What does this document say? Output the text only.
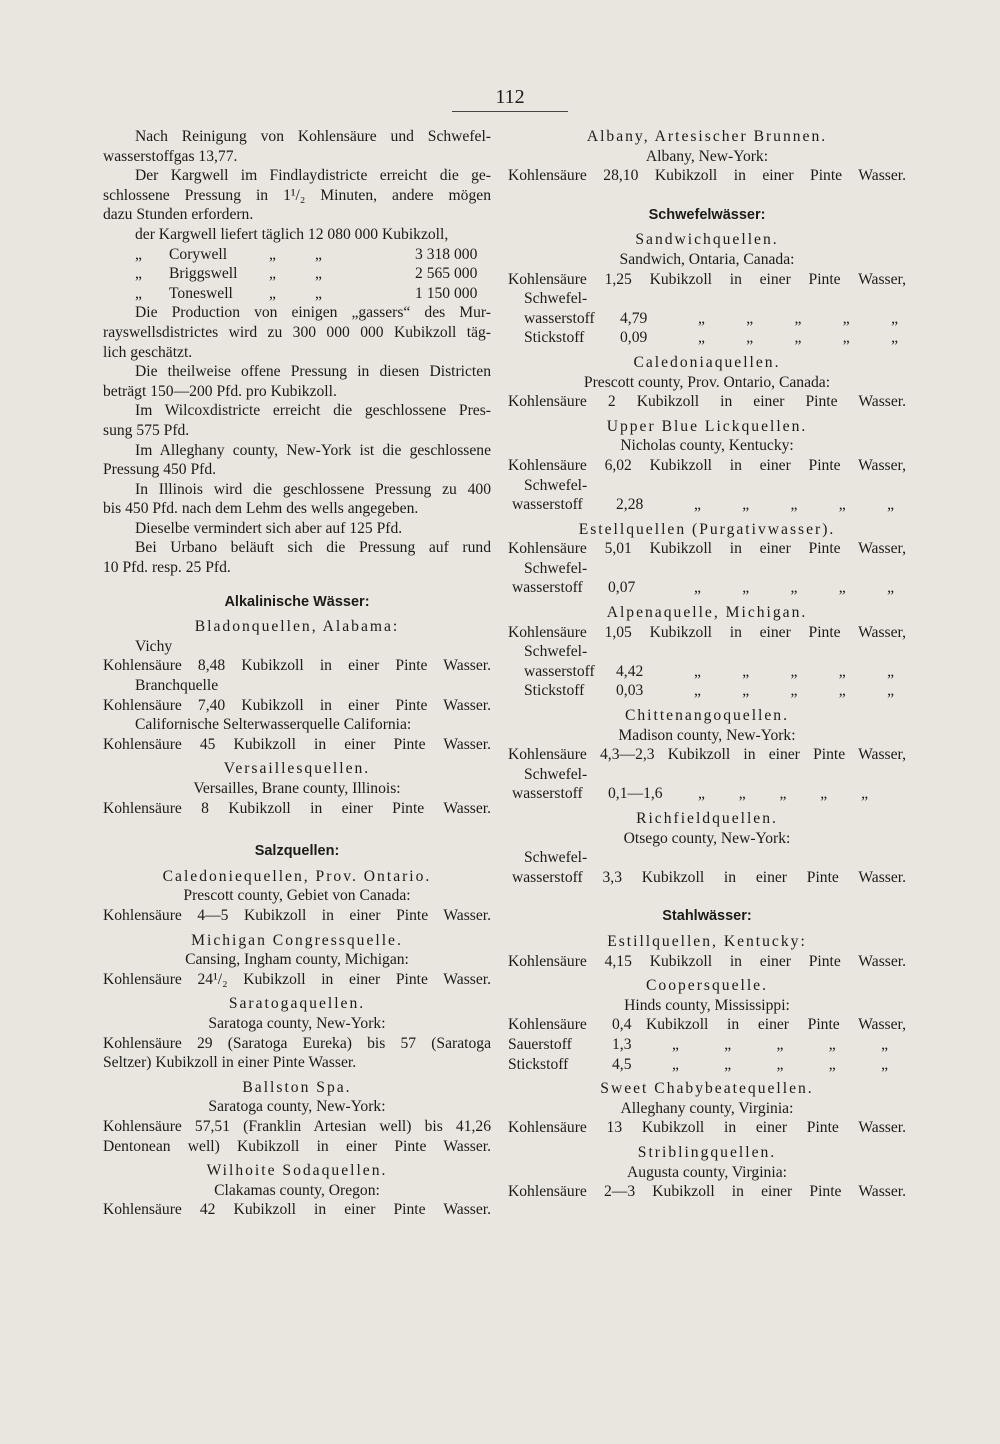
112
Nach Reinigung von Kohlensäure und Schwefel-
wasserstoffgas 13,77.
Der Kargwell im Findlaydistricte erreicht die ge-
schlossene Pressung in 1¹/₂ Minuten, andere mögen
dazu Stunden erfordern.
der Kargwell liefert täglich 12 080 000 Kubikzoll,
„	Corywell	„	„	3 318 000
„	Briggswell	„	„	2 565 000
„	Toneswell	„	„	1 150 000
Die Production von einigen „gassers“ des Mur-
rayswellsdistrictes wird zu 300 000 000 Kubikzoll täg-
lich geschätzt.
Die theilweise offene Pressung in diesen Districten
beträgt 150—200 Pfd. pro Kubikzoll.
Im Wilcoxdistricte erreicht die geschlossene Pres-
sung 575 Pfd.
Im Alleghany county, New-York ist die geschlossene
Pressung 450 Pfd.
In Illinois wird die geschlossene Pressung zu 400
bis 450 Pfd. nach dem Lehm des wells angegeben.
Dieselbe vermindert sich aber auf 125 Pfd.
Bei Urbano beläuft sich die Pressung auf rund
10 Pfd. resp. 25 Pfd.
Alkalinische Wässer:
Bladonquellen, Alabama:
Vichy
Kohlensäure 8,48 Kubikzoll in einer Pinte Wasser.
Branchquelle
Kohlensäure 7,40 Kubikzoll in einer Pinte Wasser.
Californische Selterwasserquelle California:
Kohlensäure 45 Kubikzoll in einer Pinte Wasser.
Versaillesquellen.
Versailles, Brane county, Illinois:
Kohlensäure 8 Kubikzoll in einer Pinte Wasser.
Salzquellen:
Caledoniequellen, Prov. Ontario.
Prescott county, Gebiet von Canada:
Kohlensäure 4—5 Kubikzoll in einer Pinte Wasser.
Michigan Congressquelle.
Cansing, Ingham county, Michigan:
Kohlensäure 24¹/₂ Kubikzoll in einer Pinte Wasser.
Saratogaquellen.
Saratoga county, New-York:
Kohlensäure 29 (Saratoga Eureka) bis 57 (Saratoga
Seltzer) Kubikzoll in einer Pinte Wasser.
Ballston Spa.
Saratoga county, New-York:
Kohlensäure 57,51 (Franklin Artesian well) bis 41,26
Dentonean well) Kubikzoll in einer Pinte Wasser.
Wilhoite Sodaquellen.
Clakamas county, Oregon:
Kohlensäure 42 Kubikzoll in einer Pinte Wasser.
Albany, Artesischer Brunnen.
Albany, New-York:
Kohlensäure 28,10 Kubikzoll in einer Pinte Wasser.
Schwefelwässer:
Sandwichquellen.
Sandwich, Ontaria, Canada:
Kohlensäure 1,25 Kubikzoll in einer Pinte Wasser,
Schwefel-
wasserstoff	4,79	„	„	„	„	„
Stickstoff	0,09	„	„	„	„	„
Caledoniaquellen.
Prescott county, Prov. Ontario, Canada:
Kohlensäure 2 Kubikzoll in einer Pinte Wasser.
Upper Blue Lickquellen.
Nicholas county, Kentucky:
Kohlensäure 6,02 Kubikzoll in einer Pinte Wasser,
Schwefel-
wasserstoff	2,28	„	„	„	„	„
Estellquellen (Purgativwasser).
Kohlensäure 5,01 Kubikzoll in einer Pinte Wasser,
Schwefel-
wasserstoff	0,07	„	„	„	„	„
Alpenaquelle, Michigan.
Kohlensäure 1,05 Kubikzoll in einer Pinte Wasser,
Schwefel-
wasserstoff	4,42	„	„	„	„	„
Stickstoff	0,03	„	„	„	„	„
Chittenangoquellen.
Madison county, New-York:
Kohlensäure 4,3—2,3 Kubikzoll in einer Pinte Wasser,
Schwefel-
wasserstoff	0,1—1,6	„ „ „ „ „
Richfieldquellen.
Otsego county, New-York:
Schwefel-
wasserstoff 3,3 Kubikzoll in einer Pinte Wasser.
Stahlwässer:
Estillquellen, Kentucky:
Kohlensäure 4,15 Kubikzoll in einer Pinte Wasser.
Coopersquelle.
Hinds county, Mississippi:
Kohlensäure	0,4 Kubikzoll in einer Pinte Wasser,
Sauerstoff	1,3	„	„	„	„	„
Stickstoff	4,5	„	„	„	„	„
Sweet Chabybeatequellen.
Alleghany county, Virginia:
Kohlensäure 13 Kubikzoll in einer Pinte Wasser.
Striblingquellen.
Augusta county, Virginia:
Kohlensäure 2—3 Kubikzoll in einer Pinte Wasser.
